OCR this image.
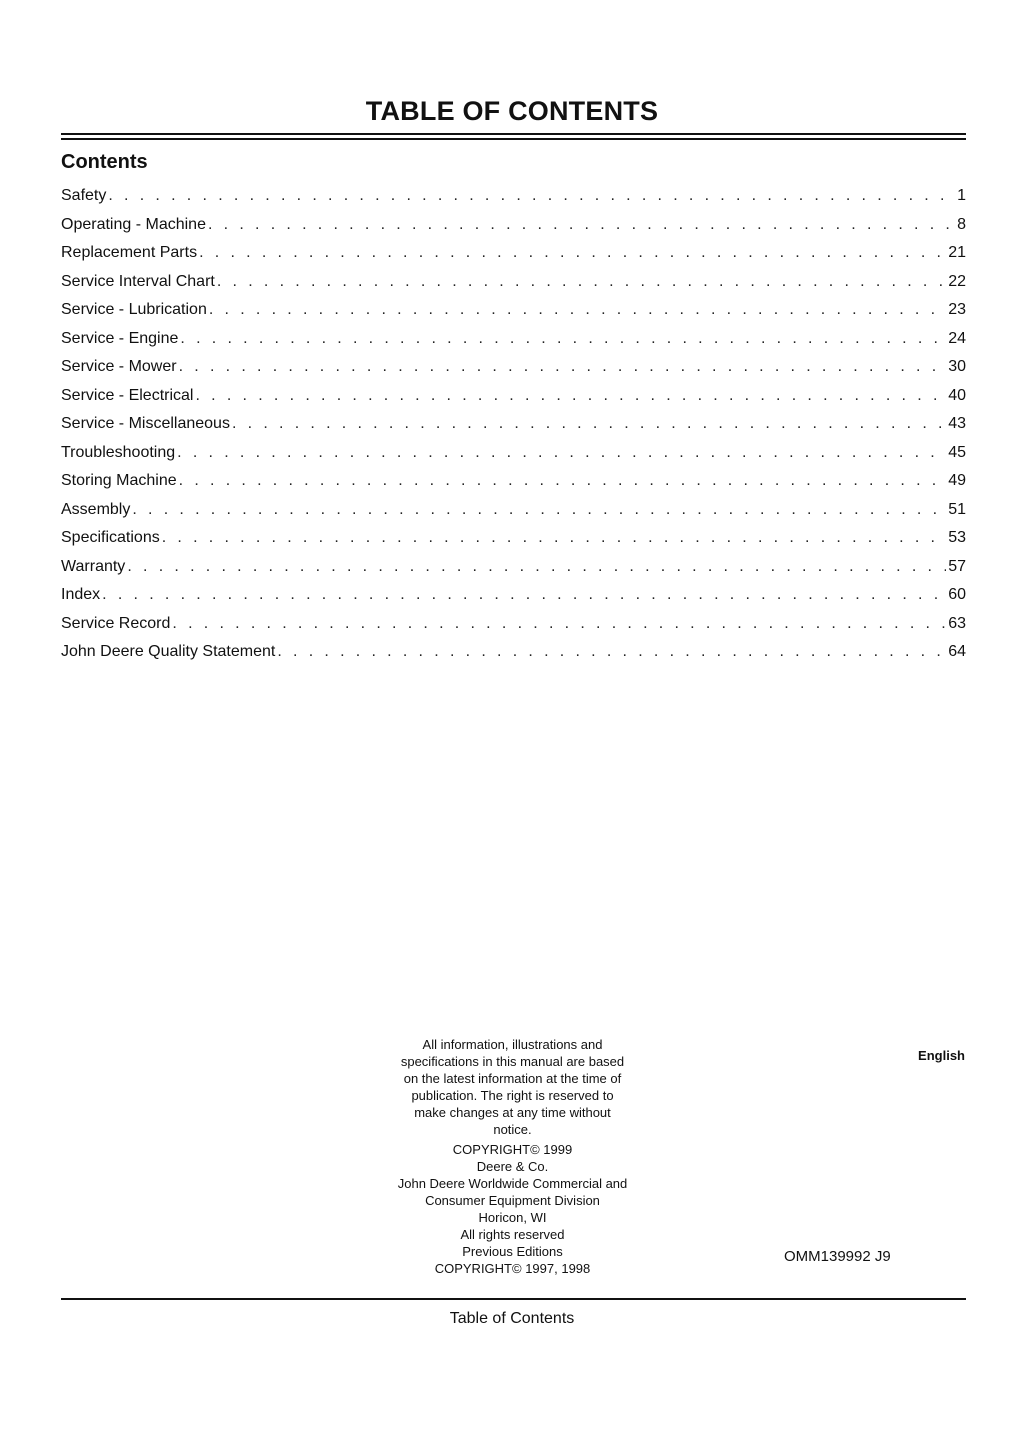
TABLE OF CONTENTS
Contents
Safety . . .	1
Operating - Machine . . .	8
Replacement Parts . . .	21
Service Interval Chart . . .	22
Service - Lubrication . . .	23
Service - Engine . . .	24
Service - Mower . . .	30
Service - Electrical . . .	40
Service - Miscellaneous . . .	43
Troubleshooting . . .	45
Storing Machine . . .	49
Assembly . . .	51
Specifications . . .	53
Warranty . . .	57
Index . . .	60
Service Record . . .	63
John Deere Quality Statement . . .	64

All information, illustrations and

specifications in this manual are based

on the latest information at the time of

publication. The right is reserved to

make changes at any time without

notice.

COPYRIGHT© 1999

Deere & Co.

John Deere Worldwide Commercial and

Consumer Equipment Division

Horicon, WI

All rights reserved

Previous Editions

COPYRIGHT© 1997, 1998

English
OMM139992 J9
Table of Contents
